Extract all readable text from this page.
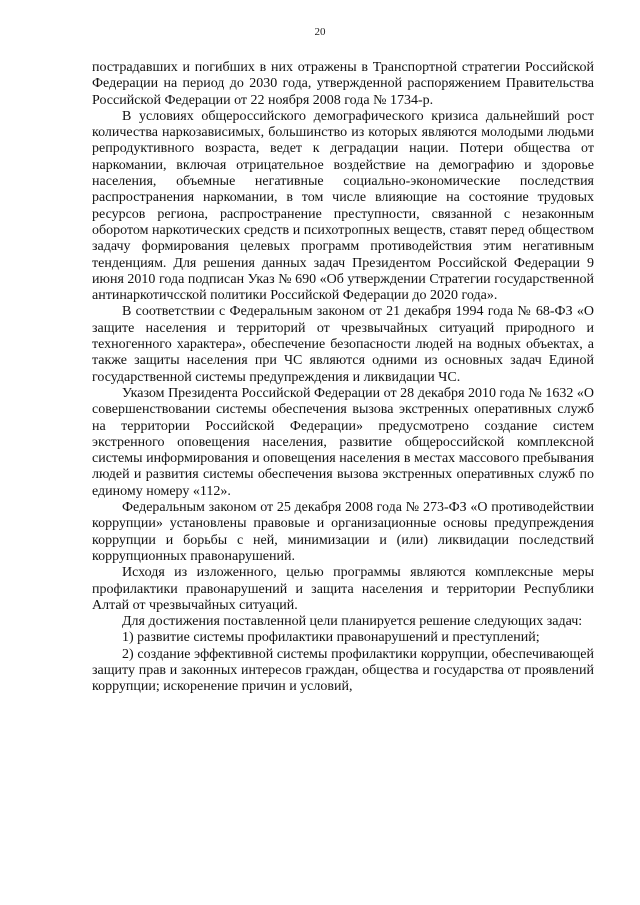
20

пострадавших и погибших в них отражены в Транспортной стратегии Российской Федерации на период до 2030 года, утвержденной распоряжением Правительства Российской Федерации от 22 ноября 2008 года № 1734-р.

В условиях общероссийского демографического кризиса дальнейший рост количества наркозависимых, большинство из которых являются молодыми людьми репродуктивного возраста, ведет к деградации нации. Потери общества от наркомании, включая отрицательное воздействие на демографию и здоровье населения, объемные негативные социально-экономические последствия распространения наркомании, в том числе влияющие на состояние трудовых ресурсов региона, распространение преступности, связанной с незаконным оборотом наркотических средств и психотропных веществ, ставят перед обществом задачу формирования целевых программ противодействия этим негативным тенденциям. Для решения данных задач Президентом Российской Федерации 9 июня 2010 года подписан Указ № 690 «Об утверждении Стратегии государственной антинаркотичсской политики Российской Федерации до 2020 года».

В соответствии с Федеральным законом от 21 декабря 1994 года № 68-ФЗ «О защите населения и территорий от чрезвычайных ситуаций природного и техногенного характера», обеспечение безопасности людей на водных объектах, а также защиты населения при ЧС являются одними из основных задач Единой государственной системы предупреждения и ликвидации ЧС.

Указом Президента Российской Федерации от 28 декабря 2010 года № 1632 «О совершенствовании системы обеспечения вызова экстренных оперативных служб на территории Российской Федерации» предусмотрено создание систем экстренного оповещения населения, развитие общероссийской комплексной системы информирования и оповещения населения в местах массового пребывания людей и развития системы обеспечения вызова экстренных оперативных служб по единому номеру «112».

Федеральным законом от 25 декабря 2008 года № 273-ФЗ «О противодействии коррупции» установлены правовые и организационные основы предупреждения коррупции и борьбы с ней, минимизации и (или) ликвидации последствий коррупционных правонарушений.

Исходя из изложенного, целью программы являются комплексные меры профилактики правонарушений и защита населения и территории Республики Алтай от чрезвычайных ситуаций.

Для достижения поставленной цели планируется решение следующих задач:

1) развитие системы профилактики правонарушений и преступлений;

2) создание эффективной системы профилактики коррупции, обеспечивающей защиту прав и законных интересов граждан, общества и государства от проявлений коррупции; искоренение причин и условий,
